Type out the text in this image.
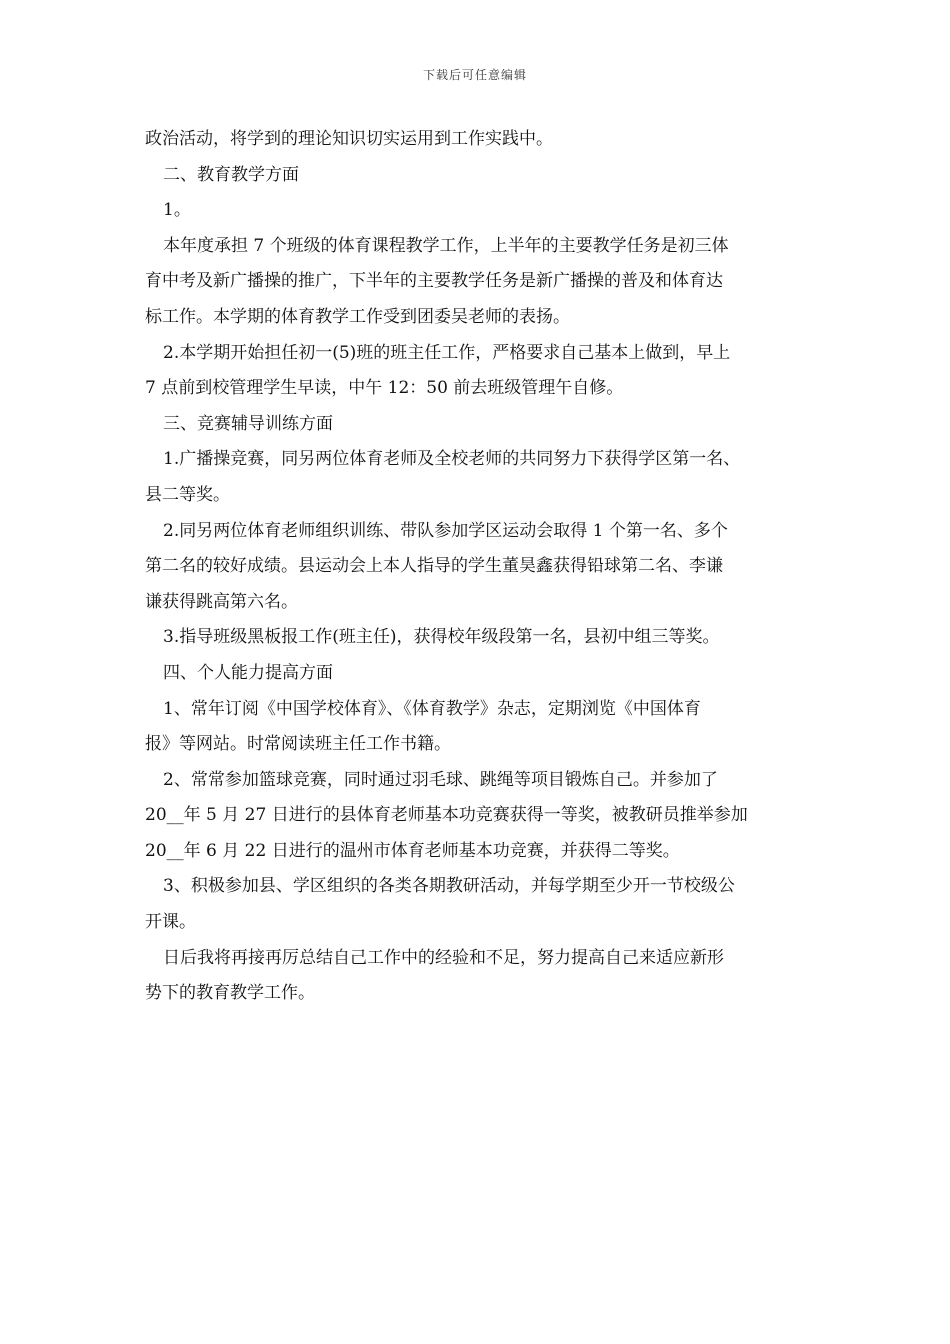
下载后可任意编辑

政治活动，将学到的理论知识切实运用到工作实践中。

二、教育教学方面

1。

本年度承担 7 个班级的体育课程教学工作，上半年的主要教学任务是初三体

育中考及新广播操的推广，下半年的主要教学任务是新广播操的普及和体育达

标工作。本学期的体育教学工作受到团委吴老师的表扬。

2.本学期开始担任初一(5)班的班主任工作，严格要求自己基本上做到，早上

7 点前到校管理学生早读，中午 12：50 前去班级管理午自修。

三、竞赛辅导训练方面

1.广播操竞赛，同另两位体育老师及全校老师的共同努力下获得学区第一名、

县二等奖。

2.同另两位体育老师组织训练、带队参加学区运动会取得 1 个第一名、多个

第二名的较好成绩。县运动会上本人指导的学生董昊鑫获得铅球第二名、李谦

谦获得跳高第六名。

3.指导班级黑板报工作(班主任)，获得校年级段第一名，县初中组三等奖。

四、个人能力提高方面

1、常年订阅《中国学校体育》、《体育教学》杂志，定期浏览《中国体育

报》等网站。时常阅读班主任工作书籍。

2、常常参加篮球竞赛，同时通过羽毛球、跳绳等项目锻炼自己。并参加了

20__年 5 月 27 日进行的县体育老师基本功竞赛获得一等奖，被教研员推举参加

20__年 6 月 22 日进行的温州市体育老师基本功竞赛，并获得二等奖。

3、积极参加县、学区组织的各类各期教研活动，并每学期至少开一节校级公

开课。

日后我将再接再厉总结自己工作中的经验和不足，努力提高自己来适应新形

势下的教育教学工作。
